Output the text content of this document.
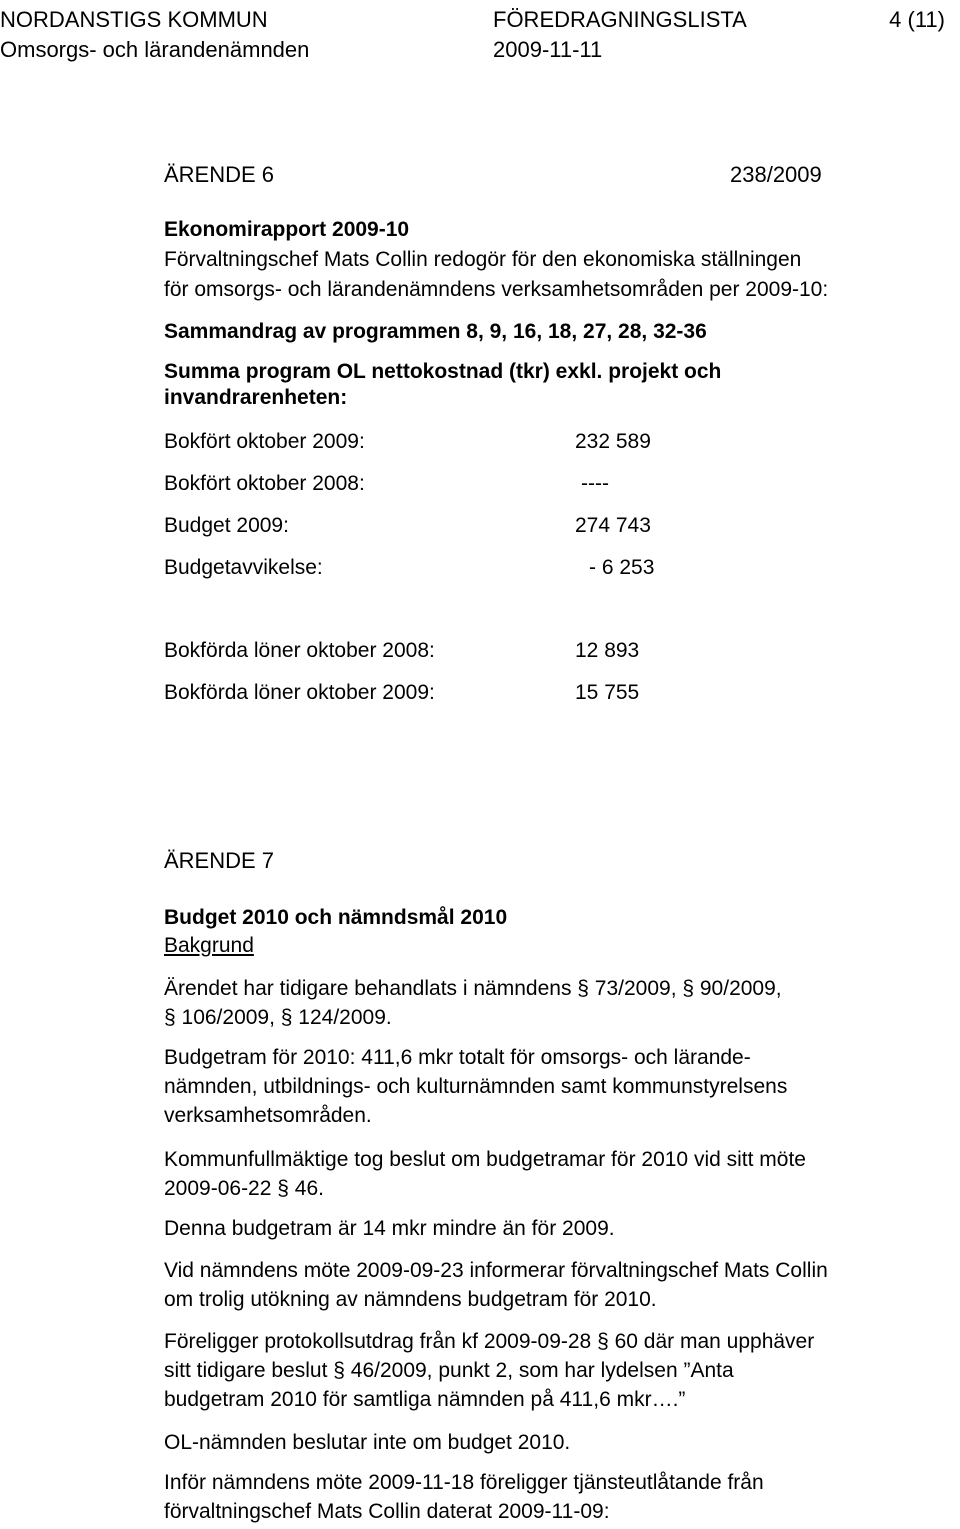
NORDANSTIGS KOMMUN	FÖREDRAGNINGSLISTA	4 (11)
Omsorgs- och lärandenämnden	2009-11-11
ÄRENDE 6	238/2009
Ekonomirapport 2009-10
Förvaltningschef Mats Collin redogör för den ekonomiska ställningen
för omsorgs- och lärandenämndens verksamhetsområden per 2009-10:
Sammandrag av programmen 8, 9, 16, 18, 27, 28, 32-36
Summa program OL nettokostnad (tkr) exkl. projekt och
invandrarenheten:
Bokfört oktober 2009:	232 589
Bokfört oktober 2008:	----
Budget 2009:	274 743
Budgetavvikelse:	- 6 253
Bokförda löner oktober 2008:	12 893
Bokförda löner oktober 2009:	15 755
ÄRENDE 7
Budget 2010 och nämndsmål 2010
Bakgrund
Ärendet har tidigare behandlats i nämndens § 73/2009, § 90/2009,
§ 106/2009, § 124/2009.
Budgetram för 2010: 411,6 mkr totalt för omsorgs- och lärande-
nämnden, utbildnings- och kulturnämnden samt kommunstyrelsens
verksamhetsområden.
Kommunfullmäktige tog beslut om budgetramar för 2010 vid sitt möte
2009-06-22 § 46.
Denna budgetram är 14 mkr mindre än för 2009.
Vid nämndens möte 2009-09-23 informerar förvaltningschef Mats Collin
om trolig utökning av nämndens budgetram för 2010.
Föreligger protokollsutdrag från kf 2009-09-28 § 60 där man upphäver
sitt tidigare beslut § 46/2009, punkt 2, som har lydelsen ”Anta
budgetram 2010 för samtliga nämnden på 411,6 mkr….”
OL-nämnden beslutar inte om budget 2010.
Inför nämndens möte 2009-11-18 föreligger tjänsteutlåtande från
förvaltningschef Mats Collin daterat 2009-11-09:
